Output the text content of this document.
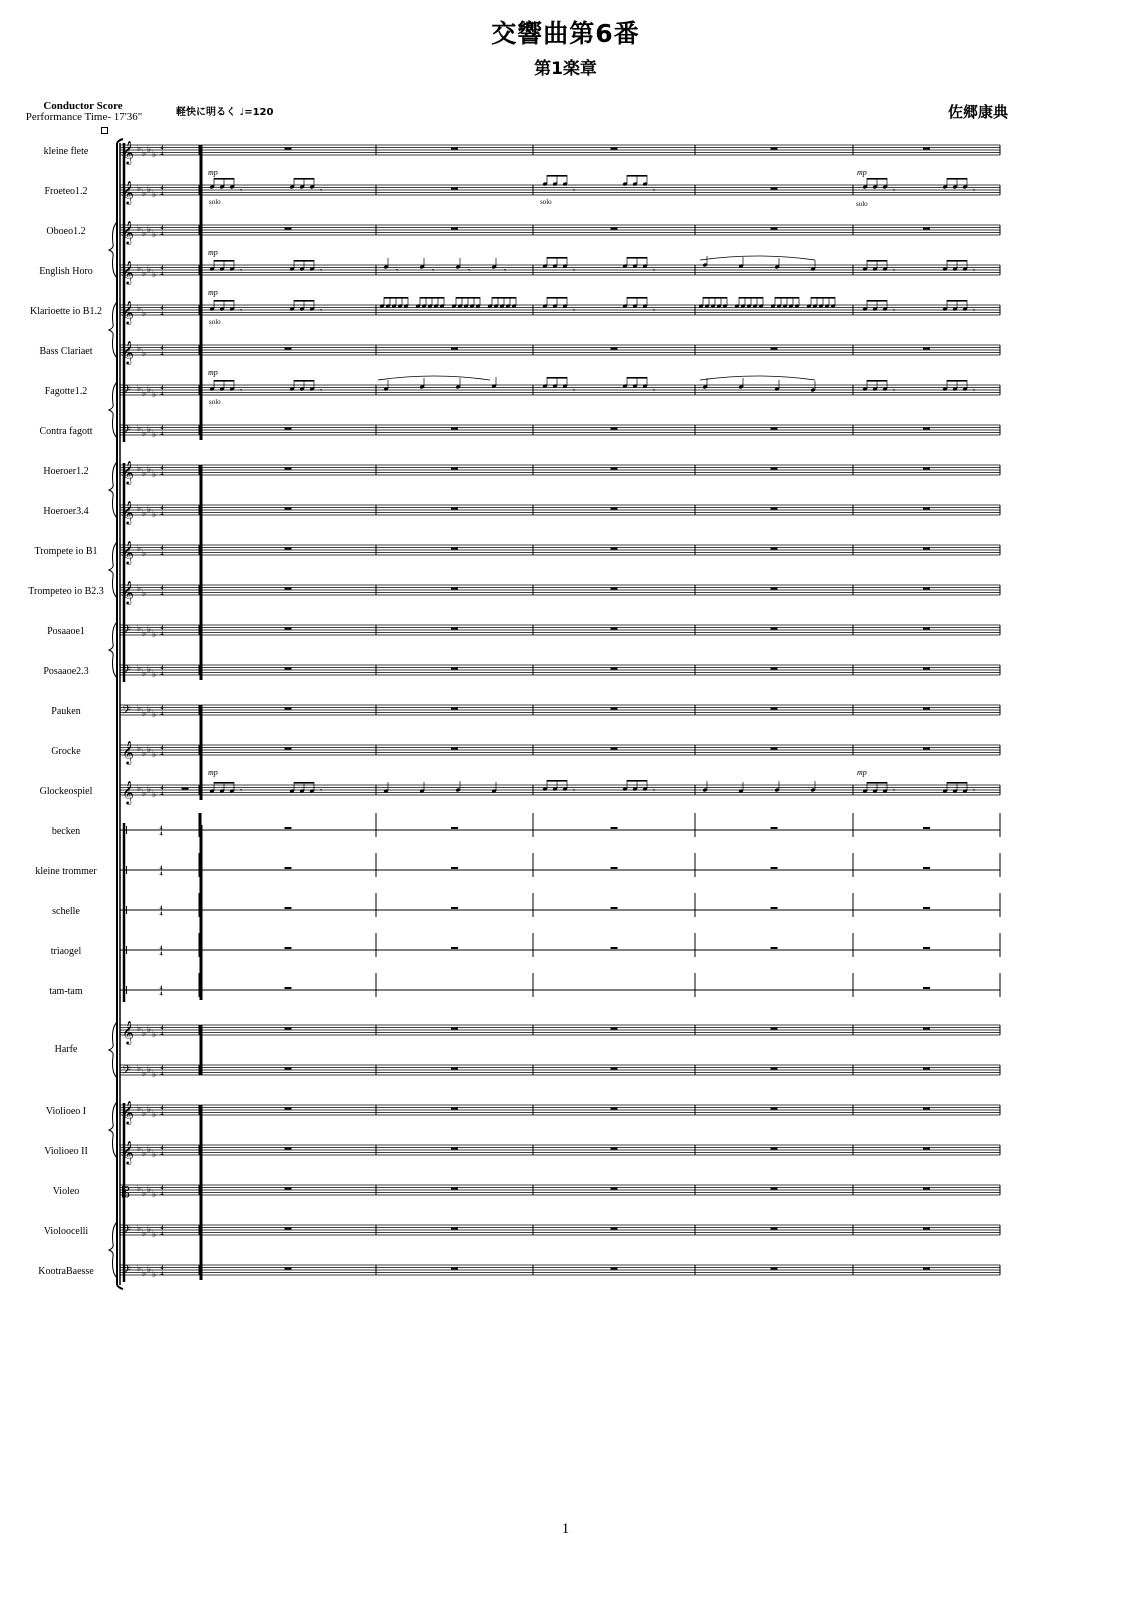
交響曲第6番
第1楽章
Conductor Score
Performance Time- 17'36"	軽快に明るく ♩=120	佐郷康典
𝄞 ♭ ♭ ♭ ♭
4
4
kleine flete
𝄞 ♭ ♭ ♭ ♭
4
4
Froeteo1.2
𝄞 ♭ ♭ ♭ ♭
4
4
Oboeo1.2
𝄞 ♭ ♭ ♭ ♭
4
4
English Horo
𝄞 ♭ ♭
4
4
Klarioette io B1.2
𝄞 ♭ ♭
4
4
Bass Clariaet
𝄢 ♭ ♭ ♭ ♭
4
4
Fagotte1.2
𝄢 ♭ ♭ ♭ ♭
4
4
Contra fagott
𝄞 ♭ ♭ ♭ ♭
4
4
Hoeroer1.2
𝄞 ♭ ♭ ♭ ♭
4
4
Hoeroer3.4
𝄞 ♭ ♭
4
4
Trompete io B1
𝄞 ♭ ♭
4
4
Trompeteo io B2.3
𝄢 ♭ ♭ ♭ ♭
4
4
Posaaoe1
𝄢 ♭ ♭ ♭ ♭
4
4
Posaaoe2.3
𝄢 ♭ ♭ ♭ ♭
4
4
Pauken
𝄞 ♭ ♭ ♭ ♭
4
4
Grocke
𝄞 ♭ ♭ ♭ ♭
4
4
Glockeospiel
4
4
becken
4
4
kleine trommer
4
4
schelle
4
4
triaogel
4
4
tam-tam
𝄞 ♭ ♭ ♭ ♭
4
4
Harfe
𝄢 ♭ ♭ ♭ ♭
4
4
𝄞 ♭ ♭ ♭ ♭
4
4
Violioeo I
𝄞 ♭ ♭ ♭ ♭
4
4
Violioeo II
𝄡 ♭ ♭ ♭ ♭
4
4
Violeo
𝄢 ♭ ♭ ♭ ♭
4
4
Violoocelli
𝄢 ♭ ♭ ♭ ♭
4
4
KootraBaesse
mp
𝄾	𝄾
solo
𝄾	𝄾
solo
mp
𝄾	𝄾
solo
mp
𝄾	𝄾	𝄾	𝄾	𝄾	𝄾	𝄾	𝄾	𝄾	𝄾
mp
𝄾	𝄾
solo
𝄾	𝄾	𝄾	𝄾
mp
𝄾	𝄾
solo
𝄾	𝄾	𝄾	𝄾
mp
𝄾	𝄾	𝄾	𝄾
mp
𝄾	𝄾
1
